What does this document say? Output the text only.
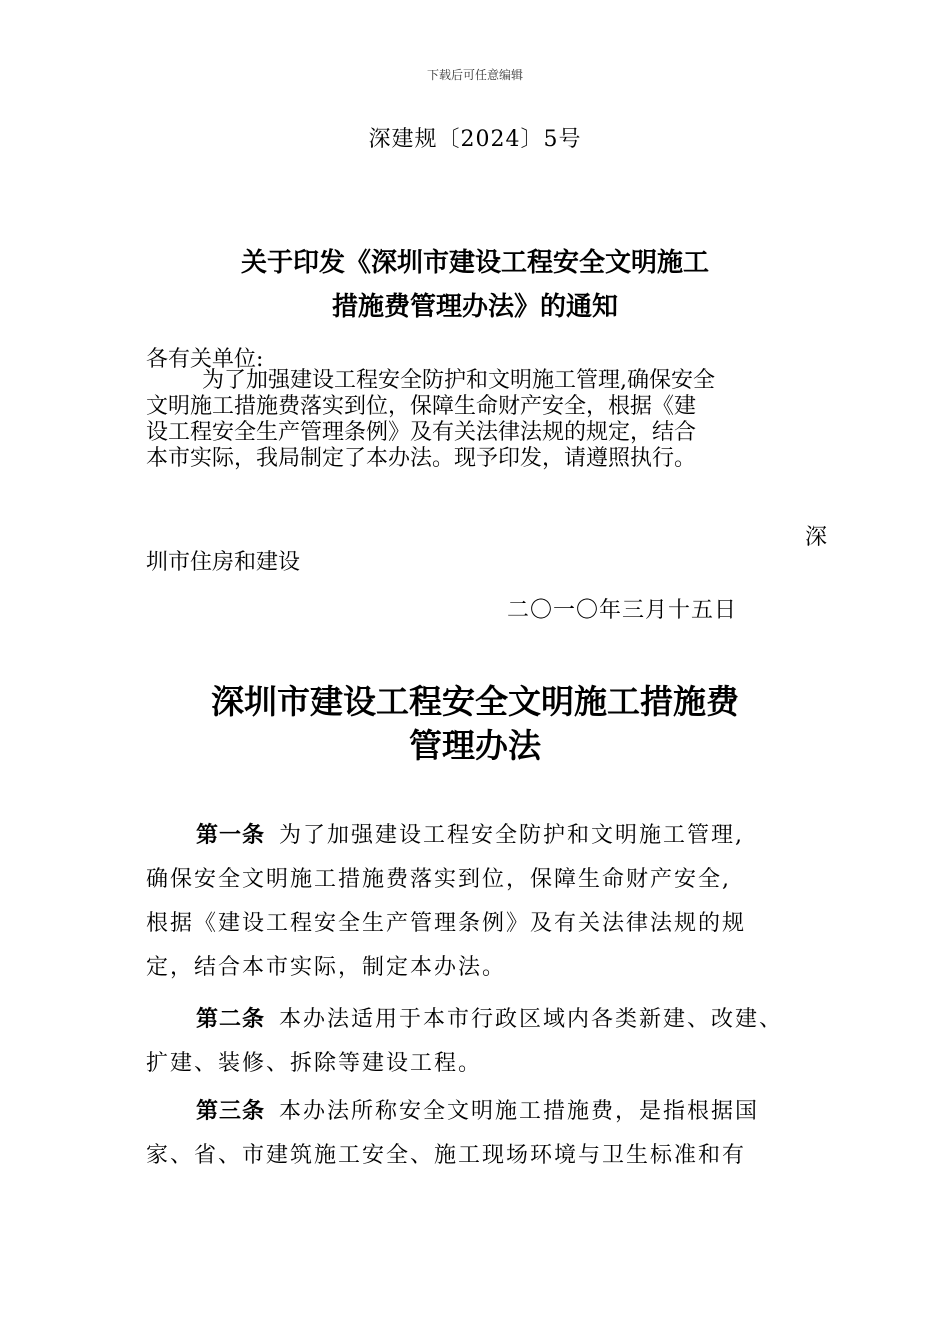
下载后可任意编辑
深建规〔2024〕5号
关于印发《深圳市建设工程安全文明施工
措施费管理办法》的通知
各有关单位:
为了加强建设工程安全防护和文明施工管理,确保安全
文明施工措施费落实到位，保障生命财产安全，根据《建
设工程安全生产管理条例》及有关法律法规的规定，结合
本市实际，我局制定了本办法。现予印发，请遵照执行。
深
圳市住房和建设
二〇一〇年三月十五日
深圳市建设工程安全文明施工措施费
管理办法
第一条 为了加强建设工程安全防护和文明施工管理,
确保安全文明施工措施费落实到位，保障生命财产安全,
根据《建设工程安全生产管理条例》及有关法律法规的规
定，结合本市实际，制定本办法。
第二条 本办法适用于本市行政区域内各类新建、改建、
扩建、装修、拆除等建设工程。
第三条 本办法所称安全文明施工措施费，是指根据国
家、省、市建筑施工安全、施工现场环境与卫生标准和有
